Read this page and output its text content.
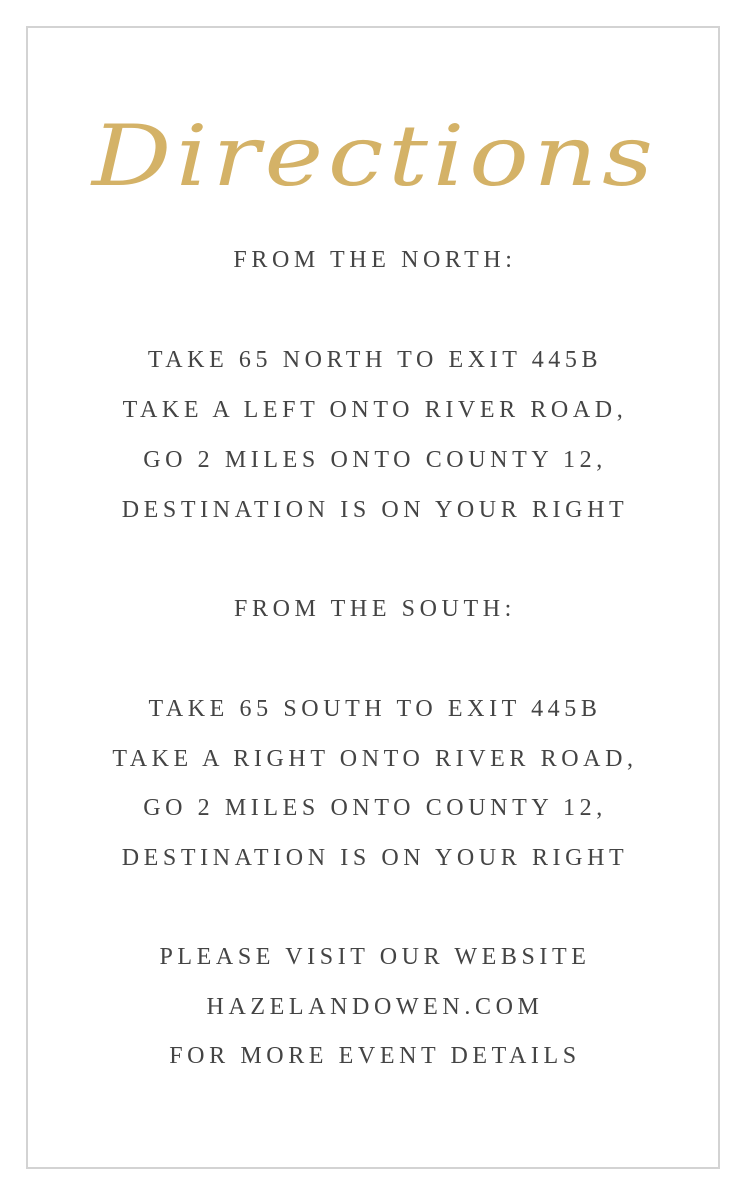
Directions
FROM THE NORTH:
TAKE 65 NORTH TO EXIT 445B
TAKE A LEFT ONTO RIVER ROAD,
GO 2 MILES ONTO COUNTY 12,
DESTINATION IS ON YOUR RIGHT
FROM THE SOUTH:
TAKE 65 SOUTH TO EXIT 445B
TAKE A RIGHT ONTO RIVER ROAD,
GO 2 MILES ONTO COUNTY 12,
DESTINATION IS ON YOUR RIGHT
PLEASE VISIT OUR WEBSITE
HAZELANDOWEN.COM
FOR MORE EVENT DETAILS
